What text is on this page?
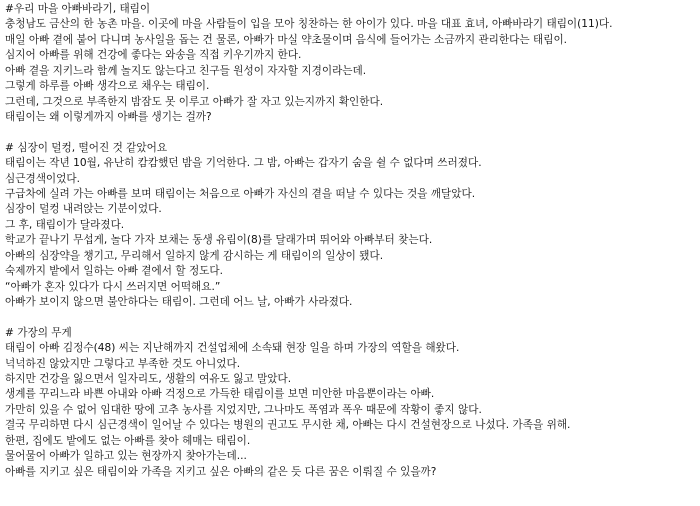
#우리 마을 아빠바라기, 태림이

충청남도 금산의 한 농촌 마을. 이곳에 마을 사람들이 입을 모아 칭찬하는 한 아이가 있다. 마을 대표 효녀, 아빠바라기 태림이(11)다.

매일 아빠 곁에 붙어 다니며 농사일을 돕는 건 물론, 아빠가 마실 약초물이며 음식에 들어가는 소금까지 관리한다는 태림이.

심지어 아빠를 위해 건강에 좋다는 와송을 직접 키우기까지 한다.

아빠 곁을 지키느라 함께 놀지도 않는다고 친구들 원성이 자자할 지경이라는데.

그렇게 하루를 아빠 생각으로 채우는 태림이.

그런데, 그것으로 부족한지 밤잠도 못 이루고 아빠가 잘 자고 있는지까지 확인한다.

태림이는 왜 이렇게까지 아빠를 생기는 걸까?

# 심장이 덜컹, 떨어진 것 같았어요

태림이는 작년 10월, 유난히 캄캄했던 밤을 기억한다. 그 밤, 아빠는 갑자기 숨을 쉴 수 없다며 쓰러졌다.

심근경색이었다.

구급차에 실려 가는 아빠를 보며 태림이는 처음으로 아빠가 자신의 곁을 떠날 수 있다는 것을 깨달았다.

심장이 덜컹 내려앉는 기분이었다.

그 후, 태림이가 달라졌다.

학교가 끝나기 무섭게, 놀다 가자 보채는 동생 유림이(8)를 달래가며 뛰어와 아빠부터 찾는다.

아빠의 심장약을 챙기고, 무리해서 일하지 않게 감시하는 게 태림이의 일상이 됐다.

숙제까지 밭에서 일하는 아빠 곁에서 할 정도다.

“아빠가 혼자 있다가 다시 쓰러지면 어떡해요.”

아빠가 보이지 않으면 불안하다는 태림이. 그런데 어느 날, 아빠가 사라졌다.

# 가장의 무게

태림이 아빠 김정수(48) 씨는 지난해까지 건설업체에 소속돼 현장 일을 하며 가장의 역할을 해왔다.

넉넉하진 않았지만 그렇다고 부족한 것도 아니었다.

하지만 건강을 잃으면서 일자리도, 생활의 여유도 잃고 말았다.

생계를 꾸리느라 바쁜 아내와 아빠 걱정으로 가득한 태림이를 보면 미안한 마음뿐이라는 아빠.

가만히 있을 수 없어 임대한 땅에 고추 농사를 지었지만, 그나마도 폭염과 폭우 때문에 작황이 좋지 않다.

결국 무리하면 다시 심근경색이 일어날 수 있다는 병원의 권고도 무시한 채, 아빠는 다시 건설현장으로 나섰다. 가족을 위해.

한편, 집에도 밭에도 없는 아빠를 찾아 헤매는 태림이.

물어물어 아빠가 일하고 있는 현장까지 찾아가는데...

아빠를 지키고 싶은 태림이와 가족을 지키고 싶은 아빠의 같은 듯 다른 꿈은 이뤄질 수 있을까?
